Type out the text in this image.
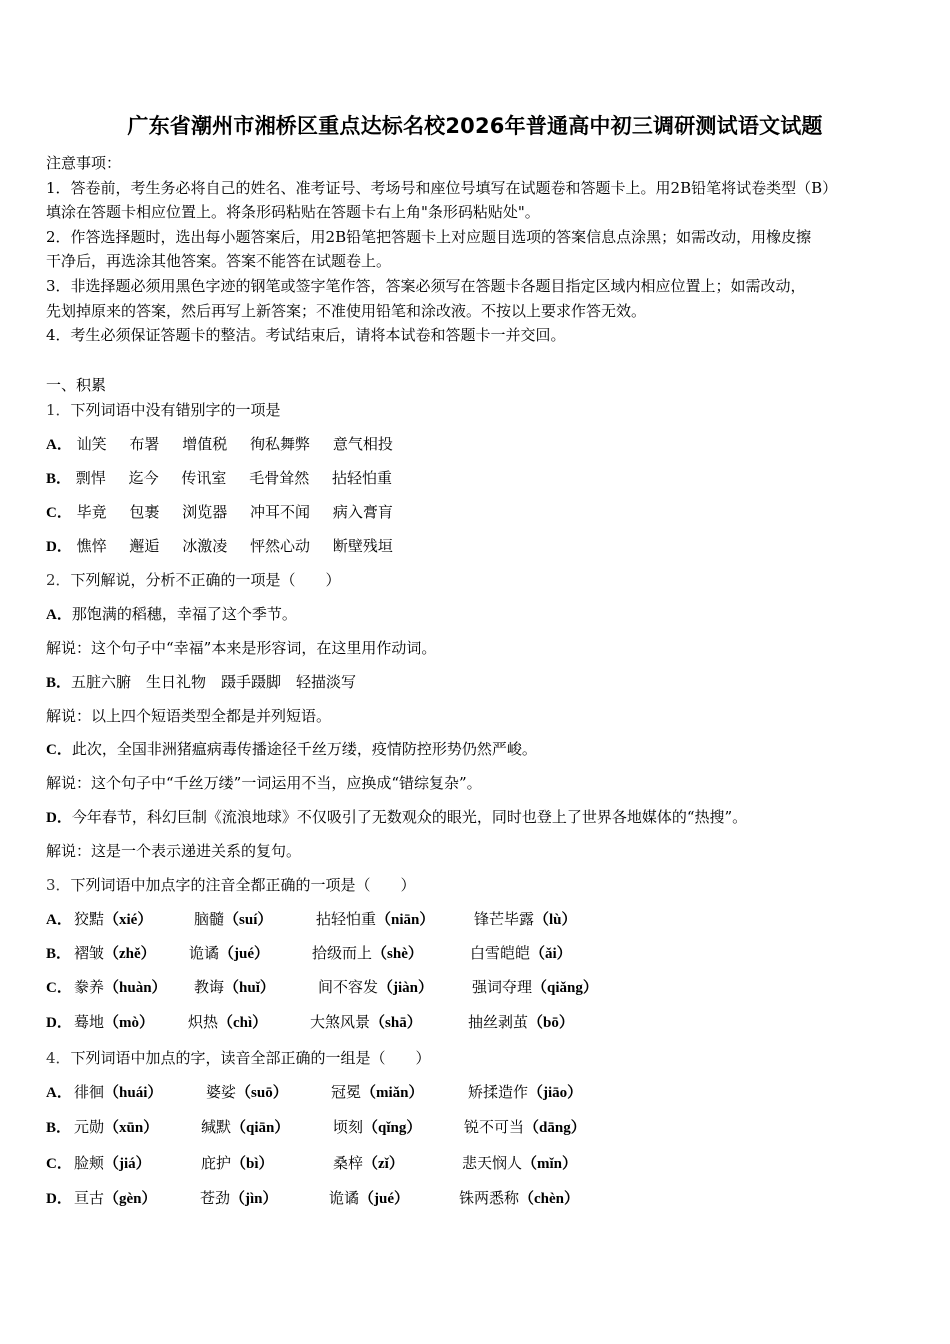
广东省潮州市湘桥区重点达标名校2026年普通高中初三调研测试语文试题
注意事项：
1．答卷前，考生务必将自己的姓名、准考证号、考场号和座位号填写在试题卷和答题卡上。用2B铅笔将试卷类型（B）
填涂在答题卡相应位置上。将条形码粘贴在答题卡右上角"条形码粘贴处"。
2．作答选择题时，选出每小题答案后，用2B铅笔把答题卡上对应题目选项的答案信息点涂黑；如需改动，用橡皮擦
干净后，再选涂其他答案。答案不能答在试题卷上。
3．非选择题必须用黑色字迹的钢笔或签字笔作答，答案必须写在答题卡各题目指定区域内相应位置上；如需改动，
先划掉原来的答案，然后再写上新答案；不准使用铅笔和涂改液。不按以上要求作答无效。
4．考生必须保证答题卡的整洁。考试结束后，请将本试卷和答题卡一并交回。
一、积累
1．下列词语中没有错别字的一项是
A． 讪笑 布署 增值税 徇私舞弊 意气相投
B． 剽悍 迄今 传讯室 毛骨耸然 拈轻怕重
C． 毕竟 包裹 浏览器 冲耳不闻 病入膏肓
D． 憔悴 邂逅 冰激凌 怦然心动 断壁残垣
2．下列解说，分析不正确的一项是（　　）
A．那饱满的稻穗，幸福了这个季节。
解说：这个句子中“幸福”本来是形容词，在这里用作动词。
B．五脏六腑　生日礼物　蹑手蹑脚　轻描淡写
解说：以上四个短语类型全都是并列短语。
C．此次，全国非洲猪瘟病毒传播途径千丝万缕，疫情防控形势仍然严峻。
解说：这个句子中“千丝万缕”一词运用不当，应换成“错综复杂”。
D．今年春节，科幻巨制《流浪地球》不仅吸引了无数观众的眼光，同时也登上了世界各地媒体的“热搜”。
解说：这是一个表示递进关系的复句。
3．下列词语中加点字的注音全都正确的一项是（　　）
A． 狡黠（xié）	脑髓（suí）	拈轻怕重（niān）	锋芒毕露（lù）
B． 褶皱（zhě） 诡谲（jué）	拾级而上（shè）	白雪皑皑（ǎi）
C． 豢养（huàn） 教诲（huǐ）	间不容发（jiàn）	强词夺理（qiǎng）
D． 蓦地（mò） 炽热（chì）	大煞风景（shā）	抽丝剥茧（bō）
4．下列词语中加点的字，读音全部正确的一组是（　　）
A． 徘徊（huái）	婆娑（suō）	冠冕（miǎn）	矫揉造作（jiāo）
B． 元勋（xūn）	缄默（qiān）	顷刻（qǐng）	锐不可当（dāng）
C． 脸颊（jiá）	庇护（bì）	桑梓（zǐ）	悲天悯人（mǐn）
D． 亘古（gèn）	苍劲（jìn）	诡谲（jué）	铢两悉称（chèn）
